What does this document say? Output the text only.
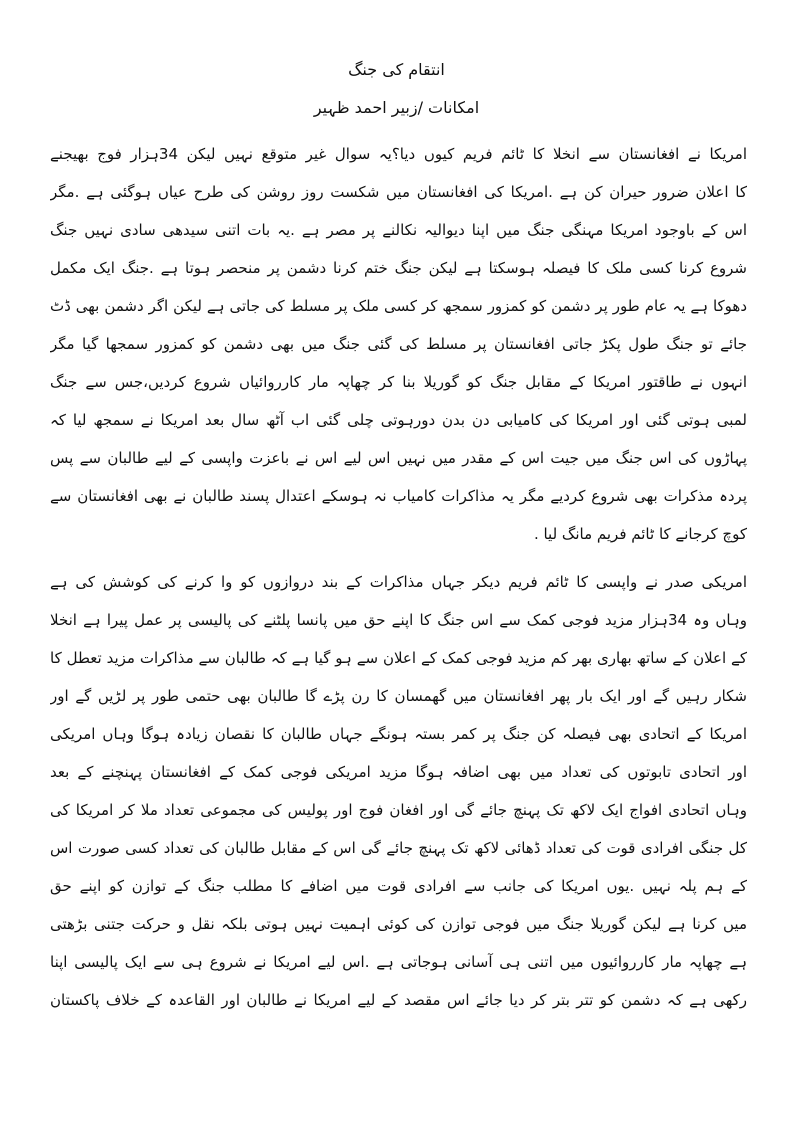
انتقام کی جنگ
امکانات /زبیر احمد ظہیر
امریکا نے افغانستان سے انخلا کا ٹائم فریم کیوں دیا؟یہ سوال غیر متوقع نہیں لیکن 34ہزار فوج بھیجنے
کا اعلان ضرور حیران کن ہے .امریکا کی افغانستان میں شکست روز روشن کی طرح عیاں ہوگئی ہے .مگر
اس کے باوجود امریکا مہنگی جنگ میں اپنا دیوالیہ نکالنے پر مصر ہے .یہ بات اتنی سیدھی سادی نہیں جنگ
شروع کرنا کسی ملک کا فیصلہ ہوسکتا ہے لیکن جنگ ختم کرنا دشمن پر منحصر ہوتا ہے .جنگ ایک مکمل
دھوکا ہے یہ عام طور پر دشمن کو کمزور سمجھ کر کسی ملک پر مسلط کی جاتی ہے لیکن اگر دشمن بھی ڈٹ
جائے تو جنگ طول پکڑ جاتی افغانستان پر مسلط کی گئی جنگ میں بھی دشمن کو کمزور سمجھا گیا مگر
انہوں نے طاقتور امریکا کے مقابل جنگ کو گوریلا بنا کر چھاپہ مار کارروائیاں شروع کردیں،جس سے جنگ
لمبی ہوتی گئی اور امریکا کی کامیابی دن بدن دورہوتی چلی گئی اب آٹھ سال بعد امریکا نے سمجھ لیا کہ
پہاڑوں کی اس جنگ میں جیت اس کے مقدر میں نہیں اس لیے اس نے باعزت واپسی کے لیے طالبان سے پس
پردہ مذکرات بھی شروع کردیے مگر یہ مذاکرات کامیاب نہ ہوسکے اعتدال پسند طالبان نے بھی افغانستان سے
کوچ کرجانے کا ٹائم فریم مانگ لیا .
امریکی صدر نے واپسی کا ٹائم فریم دیکر جہاں مذاکرات کے بند دروازوں کو وا کرنے کی کوشش کی ہے
وہاں وہ 34ہزار مزید فوجی کمک سے اس جنگ کا اپنے حق میں پانسا پلٹنے کی پالیسی پر عمل پیرا ہے انخلا
کے اعلان کے ساتھ بھاری بھر کم مزید فوجی کمک کے اعلان سے ہو گیا ہے کہ طالبان سے مذاکرات مزید تعطل کا
شکار رہیں گے اور ایک بار پھر افغانستان میں گھمسان کا رن پڑے گا طالبان بھی حتمی طور پر لڑیں گے اور
امریکا کے اتحادی بھی فیصلہ کن جنگ پر کمر بستہ ہونگے جہاں طالبان کا نقصان زیادہ ہوگا وہاں امریکی
اور اتحادی تابوتوں کی تعداد میں بھی اضافہ ہوگا مزید امریکی فوجی کمک کے افغانستان پہنچنے کے بعد
وہاں اتحادی افواج ایک لاکھ تک پہنچ جائے گی اور افغان فوج اور پولیس کی مجموعی تعداد ملا کر امریکا کی
کل جنگی افرادی قوت کی تعداد ڈھائی لاکھ تک پہنچ جائے گی اس کے مقابل طالبان کی تعداد کسی صورت اس
کے ہم پلہ نہیں .یوں امریکا کی جانب سے افرادی قوت میں اضافے کا مطلب جنگ کے توازن کو اپنے حق
میں کرنا ہے لیکن گوریلا جنگ میں فوجی توازن کی کوئی اہمیت نہیں ہوتی بلکہ نقل و حرکت جتنی بڑھتی
ہے چھاپہ مار کارروائیوں میں اتنی ہی آسانی ہوجاتی ہے .اس لیے امریکا نے شروع ہی سے ایک پالیسی اپنا
رکھی ہے کہ دشمن کو تتر بتر کر دیا جائے اس مقصد کے لیے امریکا نے طالبان اور القاعدہ کے خلاف پاکستان
